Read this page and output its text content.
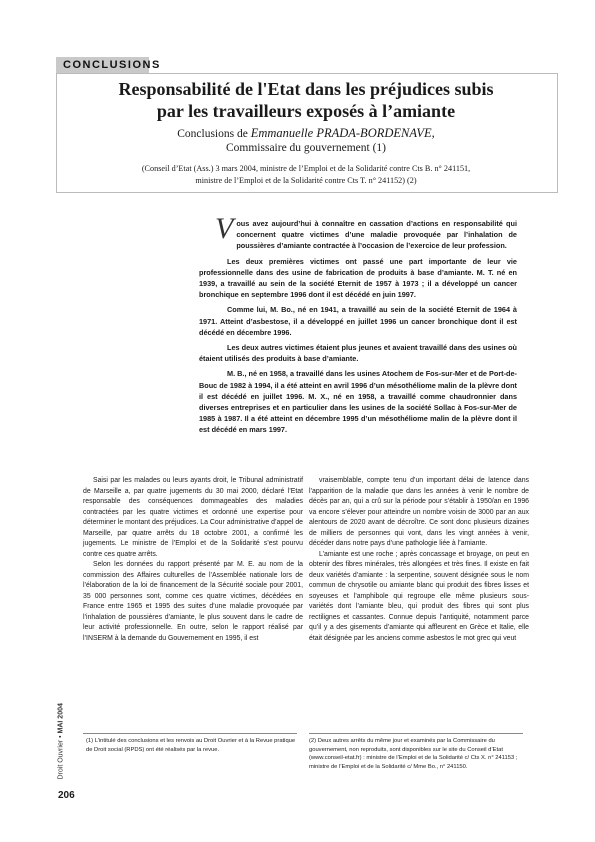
CONCLUSIONS
Responsabilité de l'Etat dans les préjudices subis
par les travailleurs exposés à l’amiante
Conclusions de Emmanuelle PRADA-BORDENAVE,
Commissaire du gouvernement (1)
(Conseil d’Etat (Ass.) 3 mars 2004, ministre de l’Emploi et de la Solidarité contre Cts B. n° 241151,
ministre de l’Emploi et de la Solidarité contre Cts T. n° 241152) (2)

Vous avez aujourd’hui à connaître en cassation d’actions en responsabilité qui concernent quatre victimes d’une maladie provoquée par l’inhalation de poussières d’amiante contractée à l’occasion de l’exercice de leur profession.

Les deux premières victimes ont passé une part importante de leur vie professionnelle dans des usine de fabrication de produits à base d’amiante. M. T. né en 1939, a travaillé au sein de la société Eternit de 1957 à 1973 ; il a développé un cancer bronchique en septembre 1996 dont il est décédé en juin 1997.

Comme lui, M. Bo., né en 1941, a travaillé au sein de la société Eternit de 1964 à 1971. Atteint d’asbestose, il a développé en juillet 1996 un cancer bronchique dont il est décédé en décembre 1996.

Les deux autres victimes étaient plus jeunes et avaient travaillé dans des usines où étaient utilisés des produits à base d’amiante.

M. B., né en 1958, a travaillé dans les usines Atochem de Fos-sur-Mer et de Port-de-Bouc de 1982 à 1994, il a été atteint en avril 1996 d’un mésothéliome malin de la plèvre dont il est décédé en juillet 1996. M. X., né en 1958, a travaillé comme chaudronnier dans diverses entreprises et en particulier dans les usines de la société Sollac à Fos-sur-Mer de 1985 à 1987. Il a été atteint en décembre 1995 d’un mésothéliome malin de la plèvre dont il est décédé en mars 1997.

Saisi par les malades ou leurs ayants droit, le Tribunal administratif de Marseille a, par quatre jugements du 30 mai 2000, déclaré l’Etat responsable des conséquences dommageables des maladies contractées par les quatre victimes et ordonné une expertise pour déterminer le montant des préjudices. La Cour administrative d’appel de Marseille, par quatre arrêts du 18 octobre 2001, a confirmé les jugements. Le ministre de l’Emploi et de la Solidarité s’est pourvu contre ces quatre arrêts.

Selon les données du rapport présenté par M. E. au nom de la commission des Affaires culturelles de l’Assemblée nationale lors de l’élaboration de la loi de financement de la Sécurité sociale pour 2001, 35 000 personnes sont, comme ces quatre victimes, décédées en France entre 1965 et 1995 des suites d’une maladie provoquée par l’inhalation de poussières d’amiante, le plus souvent dans le cadre de leur activité professionnelle. En outre, selon le rapport réalisé par l’INSERM à la demande du Gouvernement en 1995, il est

vraisemblable, compte tenu d’un important délai de latence dans l’apparition de la maladie que dans les années à venir le nombre de décès par an, qui a crû sur la période pour s’établir à 1950/an en 1996 va encore s’élever pour atteindre un nombre voisin de 3000 par an aux alentours de 2020 avant de décroître. Ce sont donc plusieurs dizaines de milliers de personnes qui vont, dans les vingt années à venir, décéder dans notre pays d’une pathologie liée à l’amiante.

L’amiante est une roche ; après concassage et broyage, on peut en obtenir des fibres minérales, très allongées et très fines. Il existe en fait deux variétés d’amiante : la serpentine, souvent désignée sous le nom commun de chrysotile ou amiante blanc qui produit des fibres lisses et soyeuses et l’amphibole qui regroupe elle même plusieurs sous-variétés dont l’amiante bleu, qui produit des fibres qui sont plus rectilignes et cassantes. Connue depuis l’antiquité, notamment parce qu’il y a des gisements d’amiante qui affleurent en Grèce et Italie, elle était désignée par les anciens comme asbestos le mot grec qui veut

(1) L’intitulé des conclusions et les renvois au Droit Ouvrier et à la Revue pratique de Droit social (RPDS) ont été réalisés par la revue.
(2) Deux autres arrêts du même jour et examinés par la Commissaire du gouvernement, non reproduits, sont disponibles sur le site du Conseil d’Etat (www.conseil-etat.fr) : ministre de l’Emploi et de la Solidarité c/ Cts X. n° 241153 ; ministre de l’Emploi et de la Solidarité c/ Mme Bo., n° 241150.
Droit Ouvrier • MAI 2004
206
